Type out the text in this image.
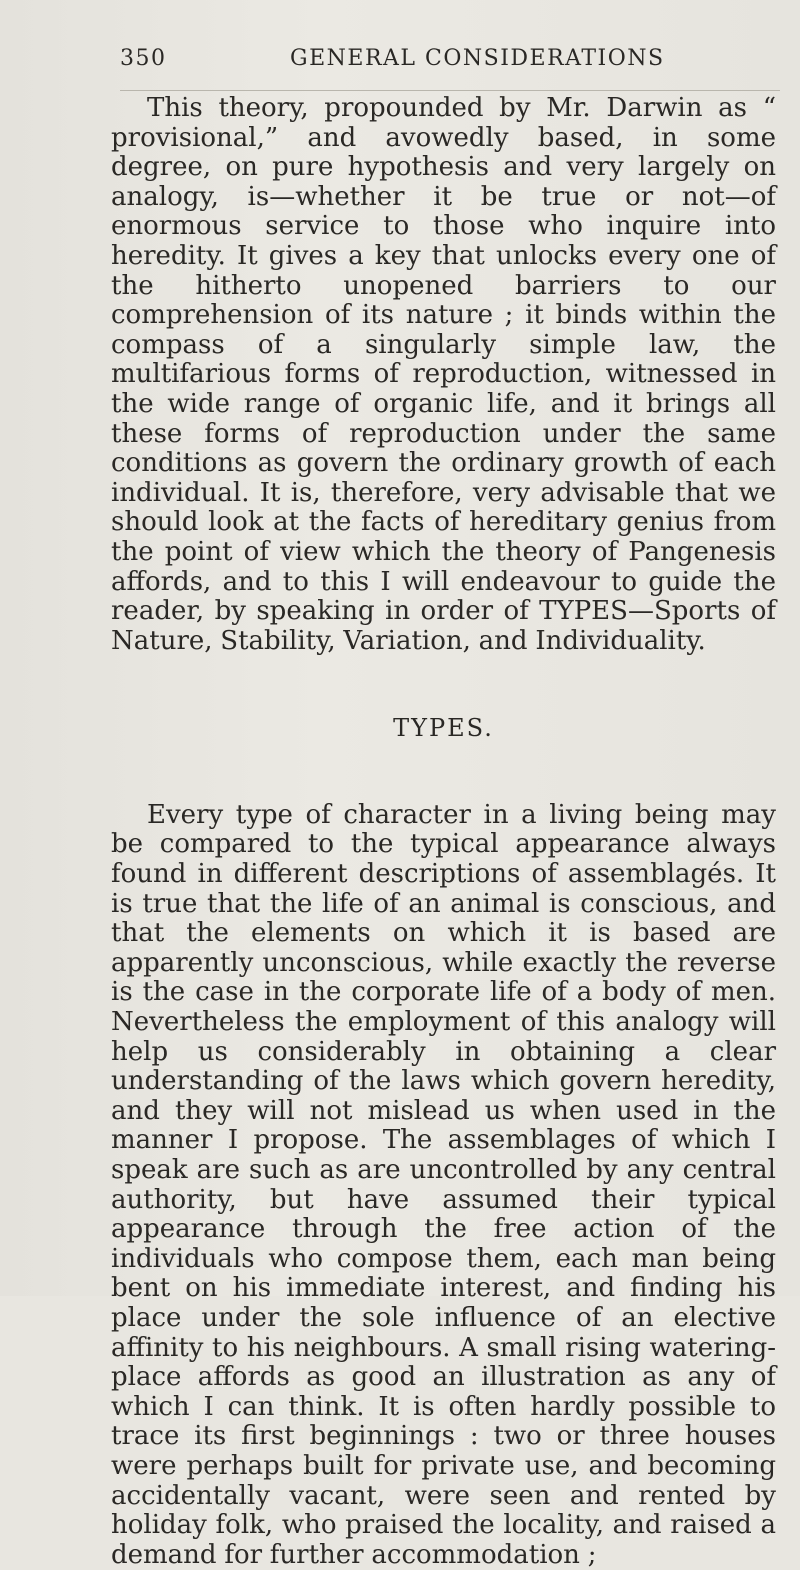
350	GENERAL CONSIDERATIONS

This theory, propounded by Mr. Darwin as “ provisional,” and avowedly based, in some degree, on pure hypothesis and very largely on analogy, is—whether it be true or not—of enormous service to those who inquire into heredity. It gives a key that unlocks every one of the hitherto unopened barriers to our comprehension of its nature ; it binds within the compass of a singularly simple law, the multifarious forms of reproduction, witnessed in the wide range of organic life, and it brings all these forms of reproduction under the same conditions as govern the ordinary growth of each individual. It is, therefore, very advisable that we should look at the facts of hereditary genius from the point of view which the theory of Pangenesis affords, and to this I will endeavour to guide the reader, by speaking in order of TYPES—Sports of Nature, Stability, Variation, and Individuality.

TYPES.

Every type of character in a living being may be compared to the typical appearance always found in different descriptions of assemblagés. It is true that the life of an animal is conscious, and that the elements on which it is based are apparently unconscious, while exactly the reverse is the case in the corporate life of a body of men. Nevertheless the employment of this analogy will help us considerably in obtaining a clear understanding of the laws which govern heredity, and they will not mislead us when used in the manner I propose. The assemblages of which I speak are such as are uncontrolled by any central authority, but have assumed their typical appearance through the free action of the individuals who compose them, each man being bent on his immediate interest, and finding his place under the sole influence of an elective affinity to his neighbours. A small rising watering-place affords as good an illustration as any of which I can think. It is often hardly possible to trace its first beginnings : two or three houses were perhaps built for private use, and becoming accidentally vacant, were seen and rented by holiday folk, who praised the locality, and raised a demand for further accommodation ;
